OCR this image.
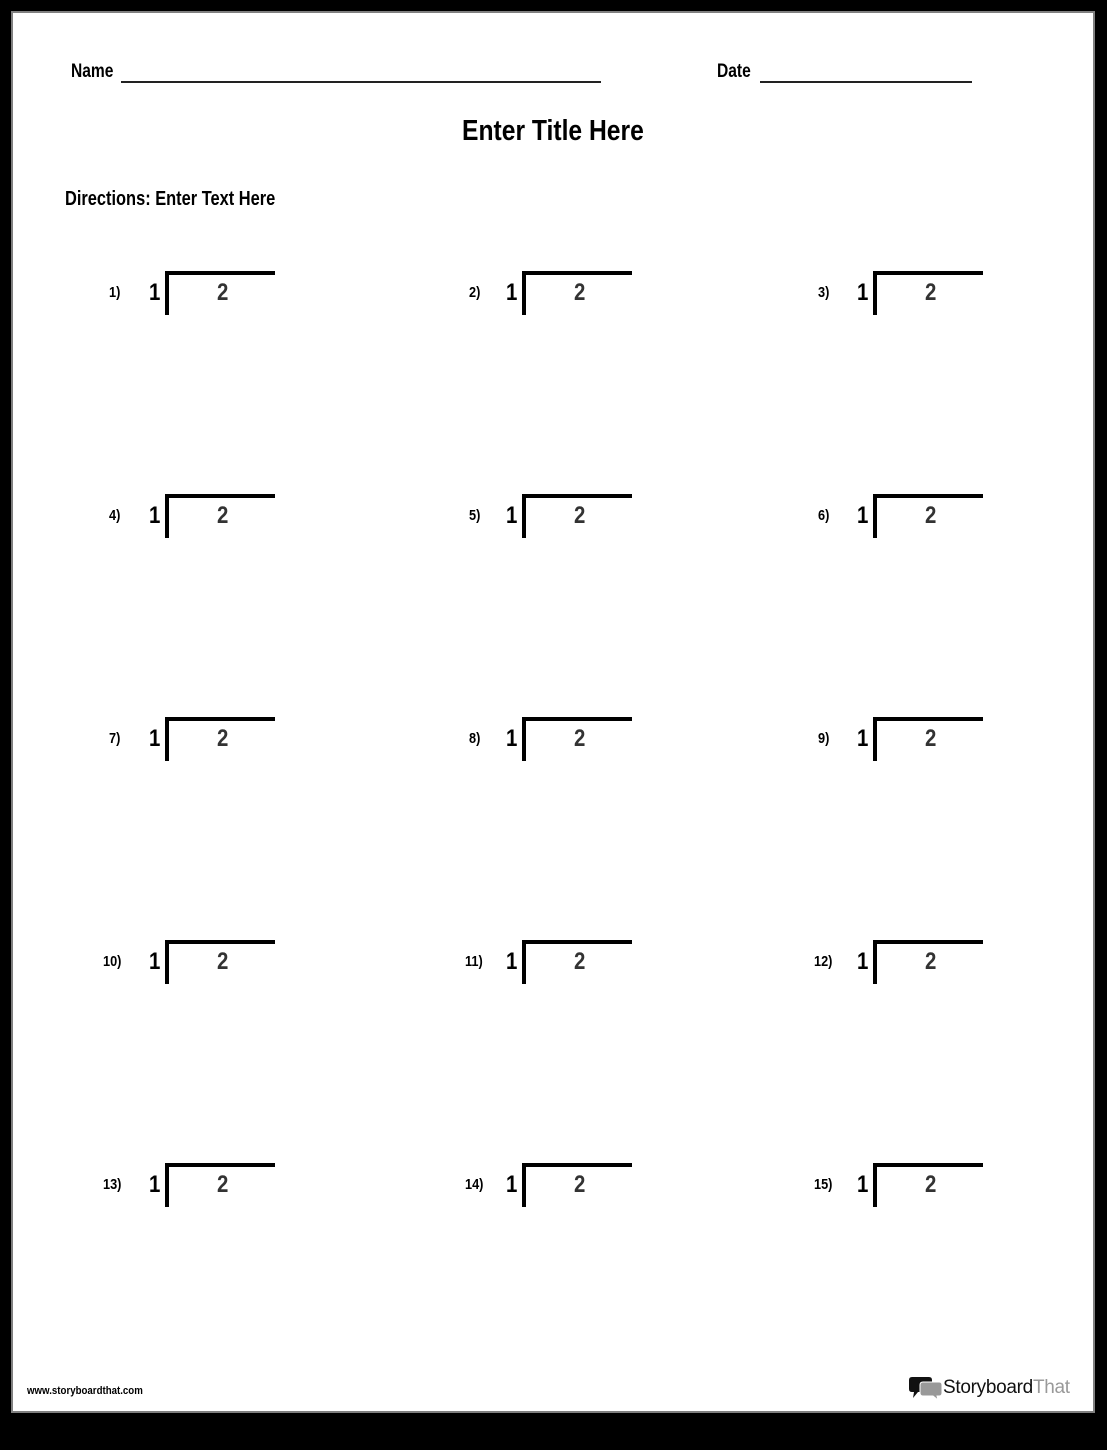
Name	Date
Enter Title Here
Directions: Enter Text Here
1) 1 2	2) 1 2	3) 1 2
4) 1 2	5) 1 2	6) 1 2
7) 1 2	8) 1 2	9) 1 2
10) 1 2	11) 1 2	12) 1 2
13) 1 2	14) 1 2	15) 1 2
www.storyboardthat.com	StoryboardThat
